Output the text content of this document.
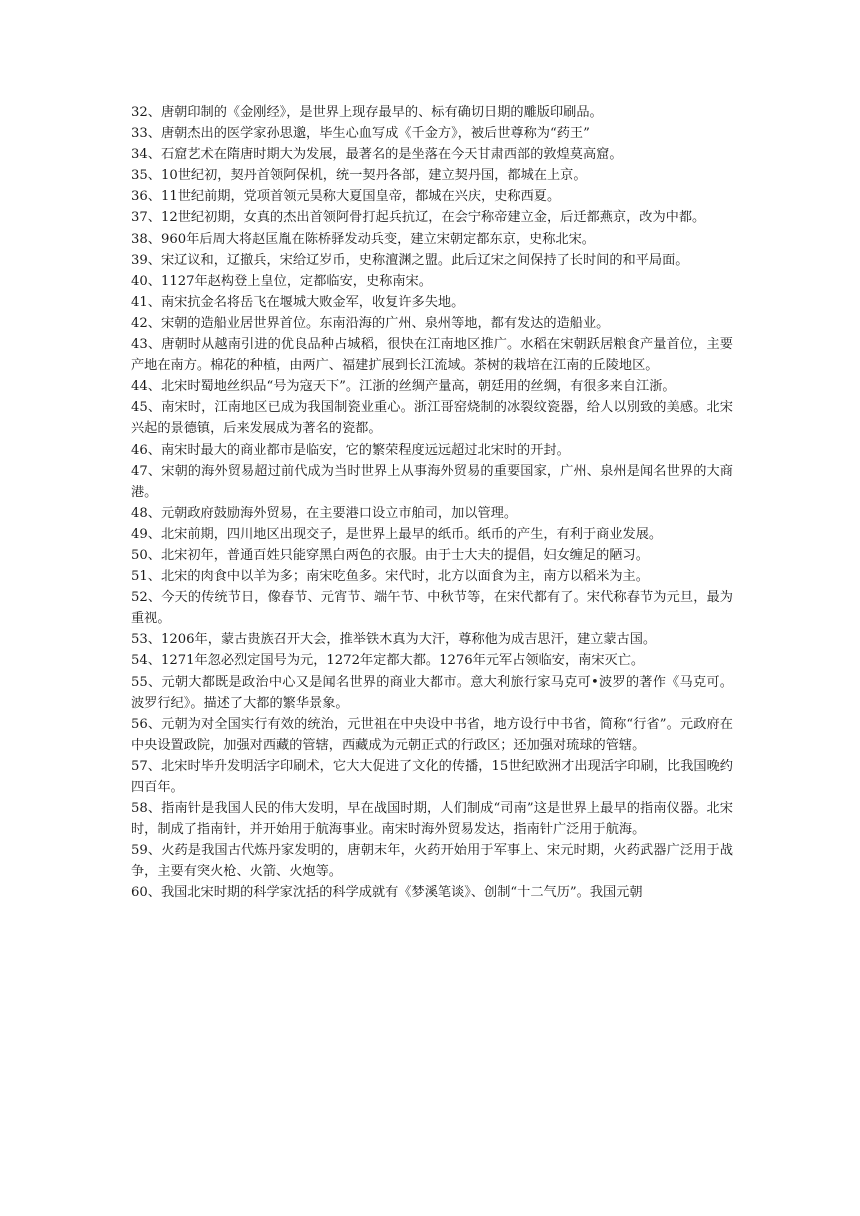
32、唐朝印制的《金刚经》，是世界上现存最早的、标有确切日期的雕版印刷品。

33、唐朝杰出的医学家孙思邈，毕生心血写成《千金方》，被后世尊称为“药王”

34、石窟艺术在隋唐时期大为发展，最著名的是坐落在今天甘肃西部的敦煌莫高窟。

35、10世纪初，契丹首领阿保机，统一契丹各部，建立契丹国，都城在上京。

36、11世纪前期，党项首领元昊称大夏国皇帝，都城在兴庆，史称西夏。

37、12世纪初期，女真的杰出首领阿骨打起兵抗辽，在会宁称帝建立金，后迁都燕京，改为中都。

38、960年后周大将赵匡胤在陈桥驿发动兵变，建立宋朝定都东京，史称北宋。

39、宋辽议和，辽撤兵，宋给辽岁币，史称澶渊之盟。此后辽宋之间保持了长时间的和平局面。

40、1127年赵构登上皇位，定都临安，史称南宋。

41、南宋抗金名将岳飞在堰城大败金军，收复许多失地。

42、宋朝的造船业居世界首位。东南沿海的广州、泉州等地，都有发达的造船业。

43、唐朝时从越南引进的优良品种占城稻，很快在江南地区推广。水稻在宋朝跃居粮食产量首位，主要产地在南方。棉花的种植，由两广、福建扩展到长江流域。茶树的栽培在江南的丘陵地区。

44、北宋时蜀地丝织品“号为寇天下”。江浙的丝绸产量高，朝廷用的丝绸，有很多来自江浙。

45、南宋时，江南地区已成为我国制瓷业重心。浙江哥窑烧制的冰裂纹瓷器，给人以別致的美感。北宋兴起的景德镇，后来发展成为著名的瓷都。

46、南宋时最大的商业都市是临安，它的繁荣程度远远超过北宋时的开封。

47、宋朝的海外贸易超过前代成为当时世界上从事海外贸易的重要国家，广州、泉州是闻名世界的大商港。

48、元朝政府鼓励海外贸易，在主要港口设立市舶司，加以管理。

49、北宋前期，四川地区出现交子，是世界上最早的纸币。纸币的产生，有利于商业发展。

50、北宋初年，普通百姓只能穿黑白两色的衣服。由于士大夫的提倡，妇女缠足的陋习。

51、北宋的肉食中以羊为多；南宋吃鱼多。宋代时，北方以面食为主，南方以稻米为主。

52、今天的传统节日，像春节、元宵节、端午节、中秋节等，在宋代都有了。宋代称春节为元旦，最为重视。

53、1206年，蒙古贵族召开大会，推举铁木真为大汗，尊称他为成吉思汗，建立蒙古国。

54、1271年忽必烈定国号为元，1272年定都大都。1276年元军占领临安，南宋灭亡。

55、元朝大都既是政治中心又是闻名世界的商业大都市。意大利旅行家马克可•波罗的著作《马克可。波罗行纪》。描述了大都的繁华景象。

56、元朝为对全国实行有效的统治，元世祖在中央设中书省，地方设行中书省，简称“行省”。元政府在中央设置政院，加强对西藏的管辖，西藏成为元朝正式的行政区；还加强对琉球的管辖。

57、北宋时毕升发明活字印刷术，它大大促进了文化的传播，15世纪欧洲才出现活字印刷，比我国晚约四百年。

58、指南针是我国人民的伟大发明，早在战国时期，人们制成“司南”这是世界上最早的指南仪器。北宋时，制成了指南针，并开始用于航海事业。南宋时海外贸易发达，指南针广泛用于航海。

59、火药是我国古代炼丹家发明的，唐朝末年，火药开始用于军事上、宋元时期，火药武器广泛用于战争，主要有突火枪、火箭、火炮等。

60、我国北宋时期的科学家沈括的科学成就有《梦溪笔谈》、创制“十二气历”。我国元朝
